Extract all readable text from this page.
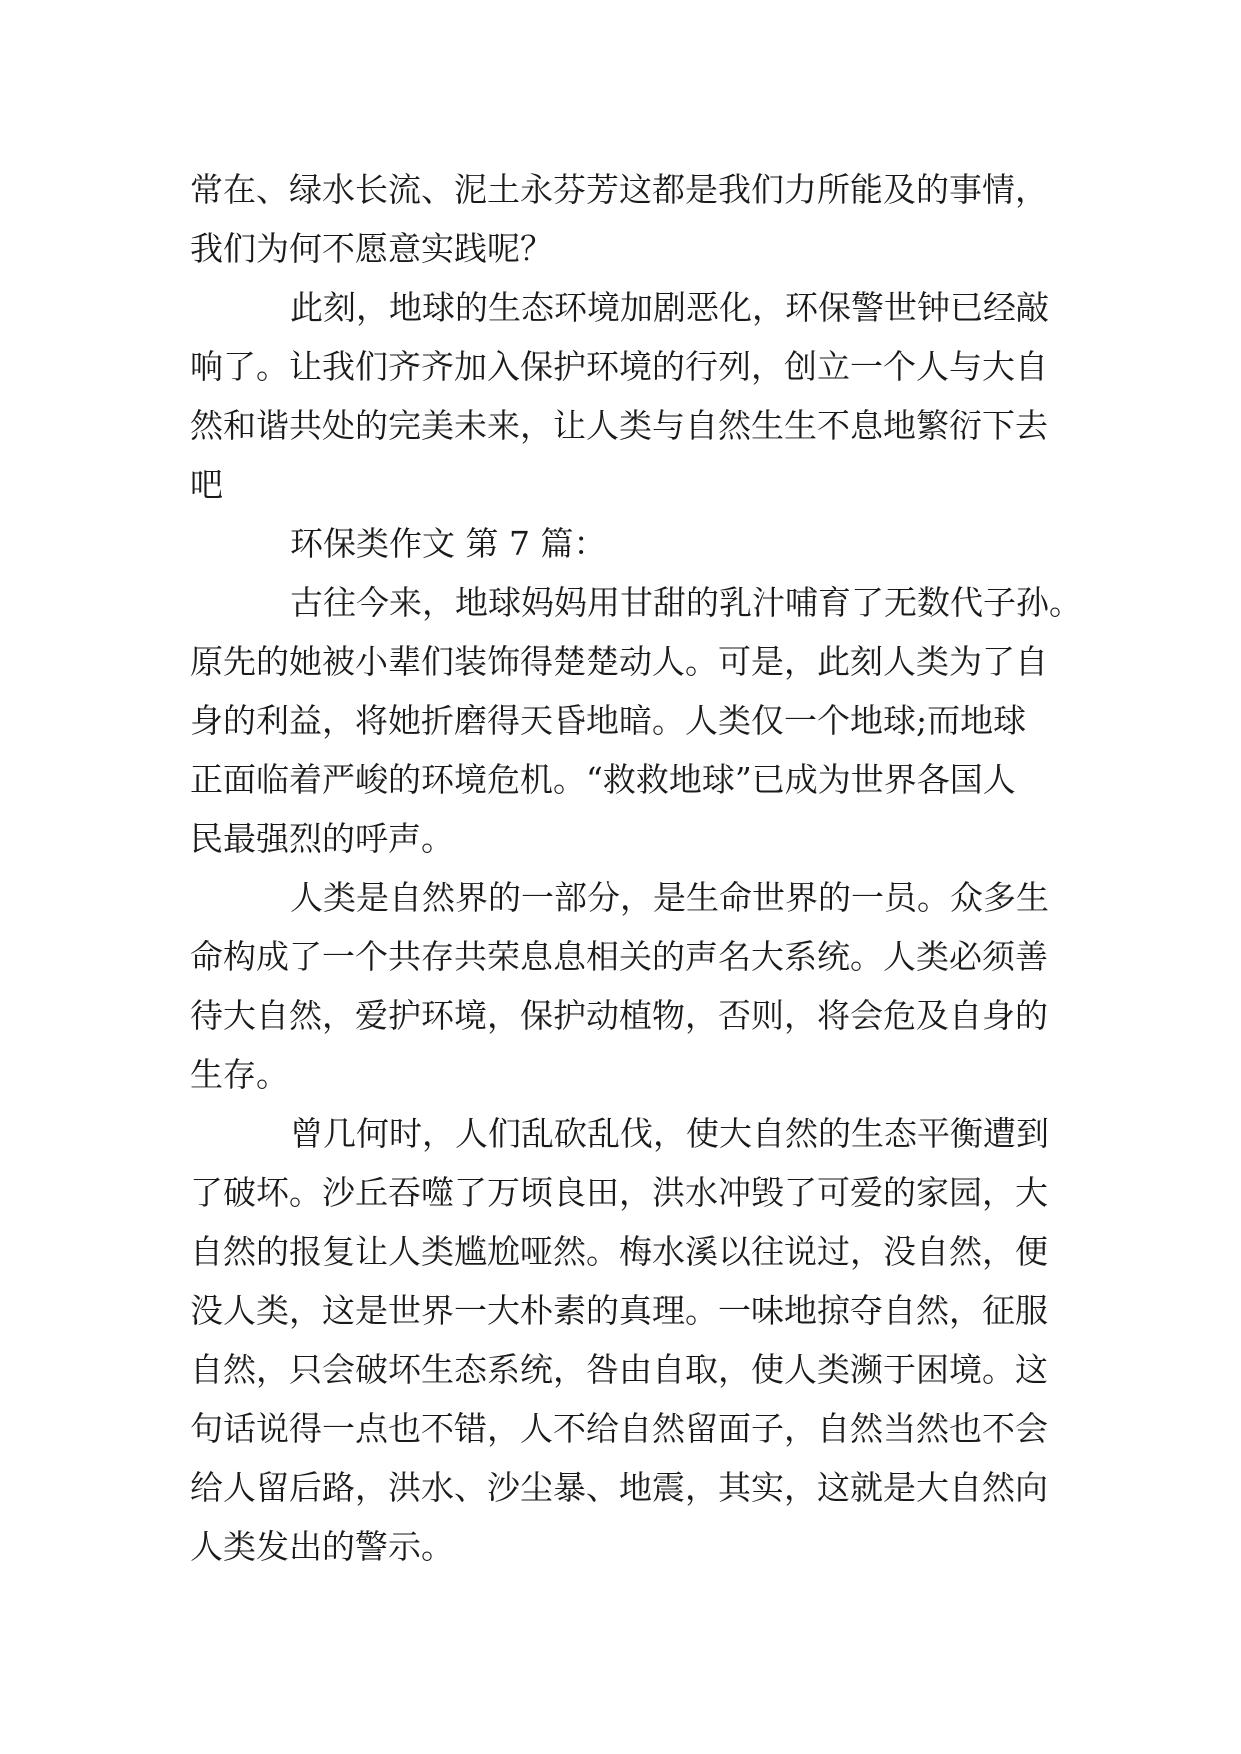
常在、绿水长流、泥土永芬芳这都是我们力所能及的事情，
我们为何不愿意实践呢？
此刻，地球的生态环境加剧恶化，环保警世钟已经敲
响了。让我们齐齐加入保护环境的行列，创立一个人与大自
然和谐共处的完美未来，让人类与自然生生不息地繁衍下去
吧
环保类作文 第 7 篇：
古往今来，地球妈妈用甘甜的乳汁哺育了无数代子孙。
原先的她被小辈们装饰得楚楚动人。可是，此刻人类为了自
身的利益，将她折磨得天昏地暗。人类仅一个地球;而地球
正面临着严峻的环境危机。“救救地球”已成为世界各国人
民最强烈的呼声。
人类是自然界的一部分，是生命世界的一员。众多生
命构成了一个共存共荣息息相关的声名大系统。人类必须善
待大自然，爱护环境，保护动植物，否则，将会危及自身的
生存。
曾几何时，人们乱砍乱伐，使大自然的生态平衡遭到
了破坏。沙丘吞噬了万顷良田，洪水冲毁了可爱的家园，大
自然的报复让人类尴尬哑然。梅水溪以往说过，没自然，便
没人类，这是世界一大朴素的真理。一味地掠夺自然，征服
自然，只会破坏生态系统，咎由自取，使人类濒于困境。这
句话说得一点也不错，人不给自然留面子，自然当然也不会
给人留后路，洪水、沙尘暴、地震，其实，这就是大自然向
人类发出的警示。
